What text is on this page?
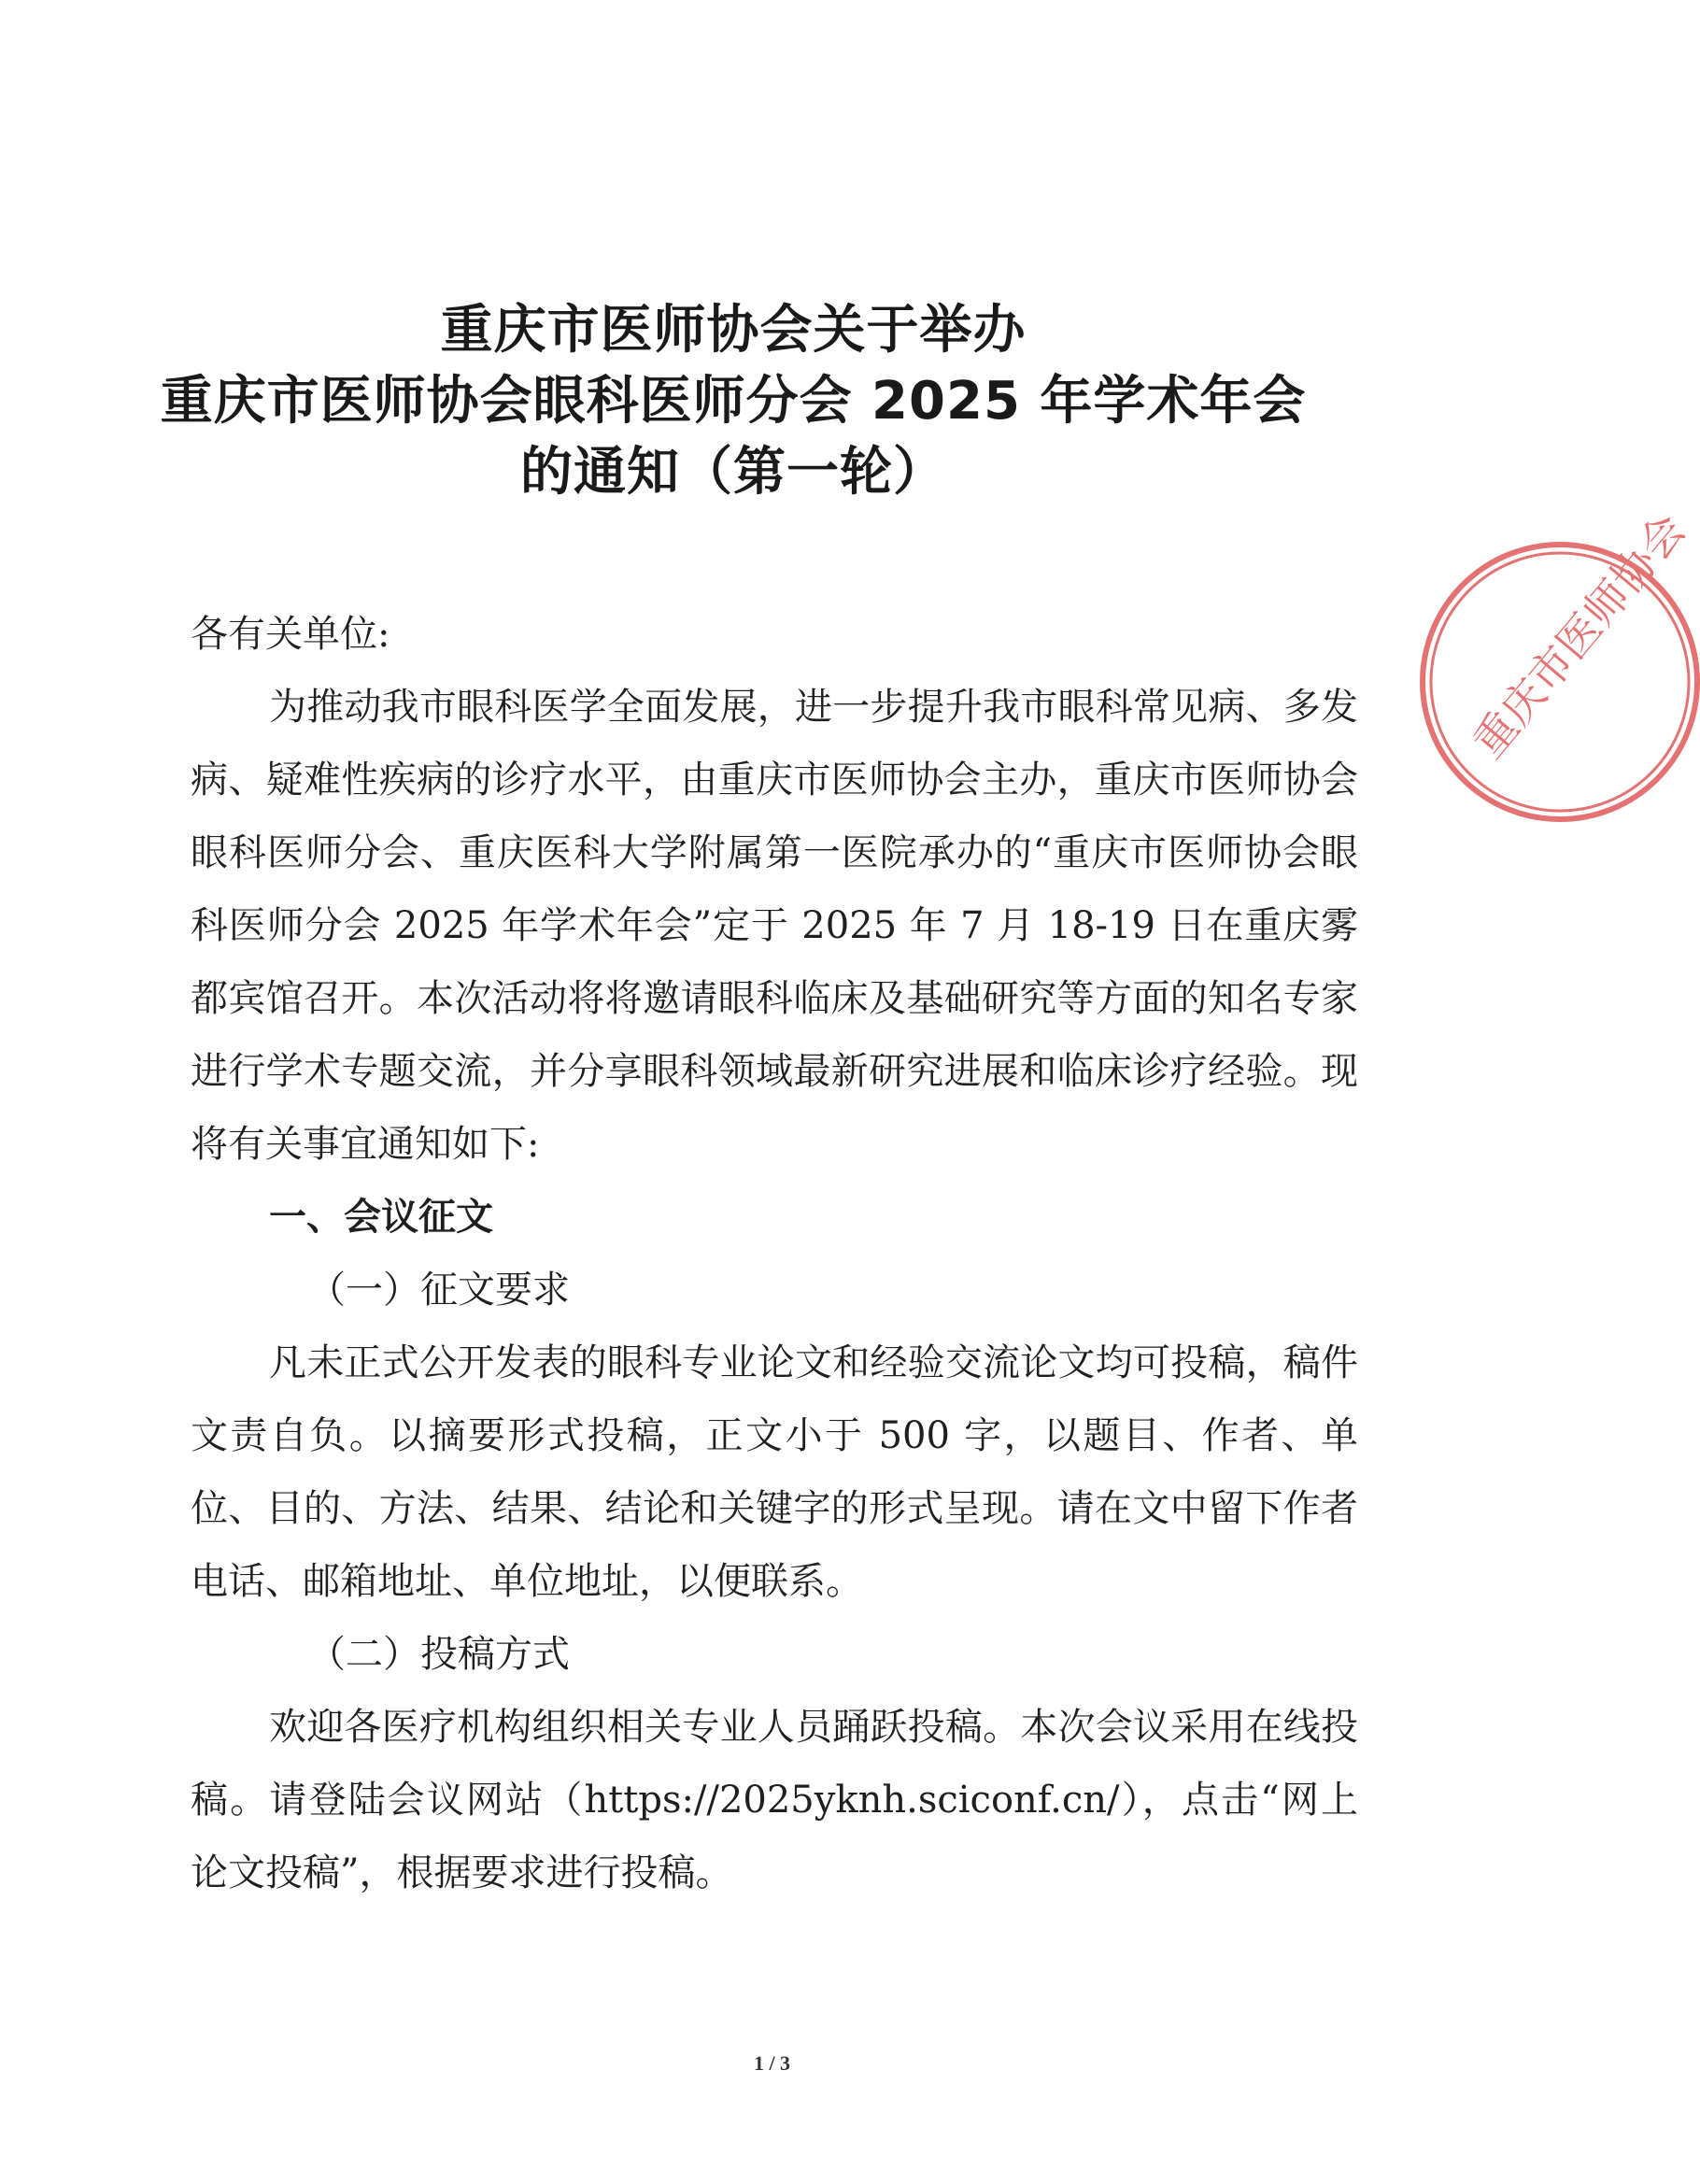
重庆市医师协会关于举办
重庆市医师协会眼科医师分会 2025 年学术年会
的通知（第一轮）

各有关单位:

为推动我市眼科医学全面发展，进一步提升我市眼科常见病、多发病、疑难性疾病的诊疗水平，由重庆市医师协会主办，重庆市医师协会眼科医师分会、重庆医科大学附属第一医院承办的“重庆市医师协会眼科医师分会 2025 年学术年会”定于 2025 年 7 月 18-19 日在重庆雾都宾馆召开。本次活动将将邀请眼科临床及基础研究等方面的知名专家进行学术专题交流，并分享眼科领域最新研究进展和临床诊疗经验。现将有关事宜通知如下:

一、会议征文

（一）征文要求

凡未正式公开发表的眼科专业论文和经验交流论文均可投稿，稿件文责自负。以摘要形式投稿，正文小于 500 字，以题目、作者、单位、目的、方法、结果、结论和关键字的形式呈现。请在文中留下作者电话、邮箱地址、单位地址，以便联系。

（二）投稿方式

欢迎各医疗机构组织相关专业人员踊跃投稿。本次会议采用在线投稿。请登陆会议网站（https://2025yknh.sciconf.cn/），点击“网上论文投稿”，根据要求进行投稿。

1 / 3
重庆市医师协会
